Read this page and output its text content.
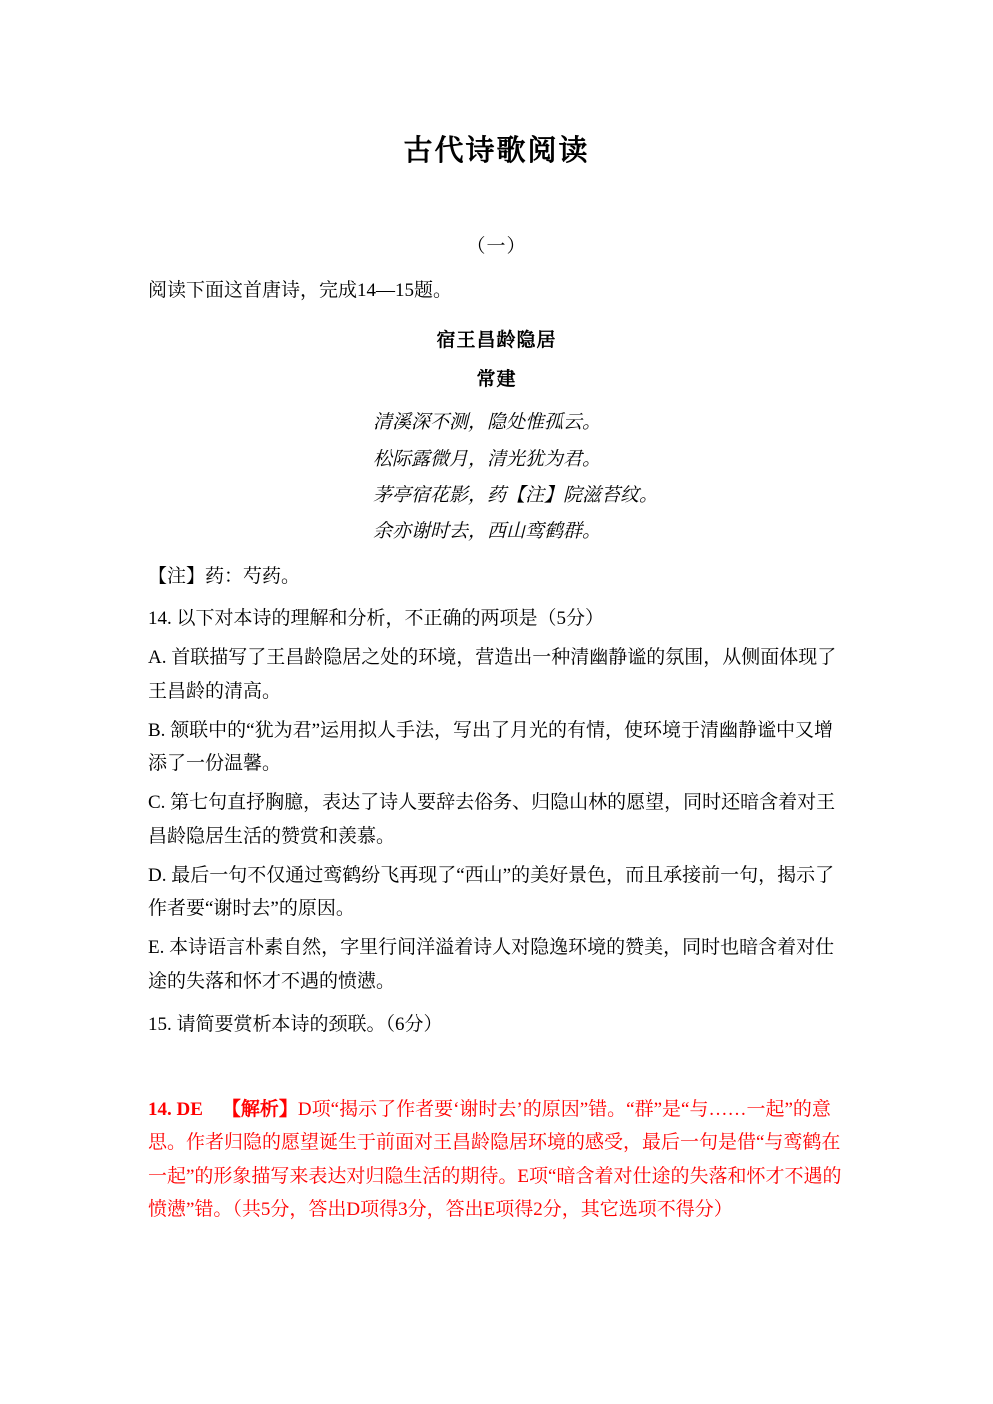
古代诗歌阅读
（一）
阅读下面这首唐诗，完成14—15题。
宿王昌龄隐居
常建
清溪深不测，隐处惟孤云。
松际露微月，清光犹为君。
茅亭宿花影，药【注】院滋苔纹。
余亦谢时去，西山鸾鹤群。
【注】药：芍药。
14. 以下对本诗的理解和分析，不正确的两项是（5分）
A. 首联描写了王昌龄隐居之处的环境，营造出一种清幽静谧的氛围，从侧面体现了王昌龄的清高。
B. 颔联中的“犹为君”运用拟人手法，写出了月光的有情，使环境于清幽静谧中又增添了一份温馨。
C. 第七句直抒胸臆，表达了诗人要辞去俗务、归隐山林的愿望，同时还暗含着对王昌龄隐居生活的赞赏和羡慕。
D. 最后一句不仅通过鸾鹤纷飞再现了“西山”的美好景色，而且承接前一句，揭示了作者要“谢时去”的原因。
E. 本诗语言朴素自然，字里行间洋溢着诗人对隐逸环境的赞美，同时也暗含着对仕途的失落和怀才不遇的愤懑。
15. 请简要赏析本诗的颈联。（6分）
14. DE 【解析】D项“揭示了作者要‘谢时去’的原因”错。“群”是“与……一起”的意思。作者归隐的愿望诞生于前面对王昌龄隐居环境的感受，最后一句是借“与鸾鹤在一起”的形象描写来表达对归隐生活的期待。E项“暗含着对仕途的失落和怀才不遇的愤懑”错。（共5分，答出D项得3分，答出E项得2分，其它选项不得分）
